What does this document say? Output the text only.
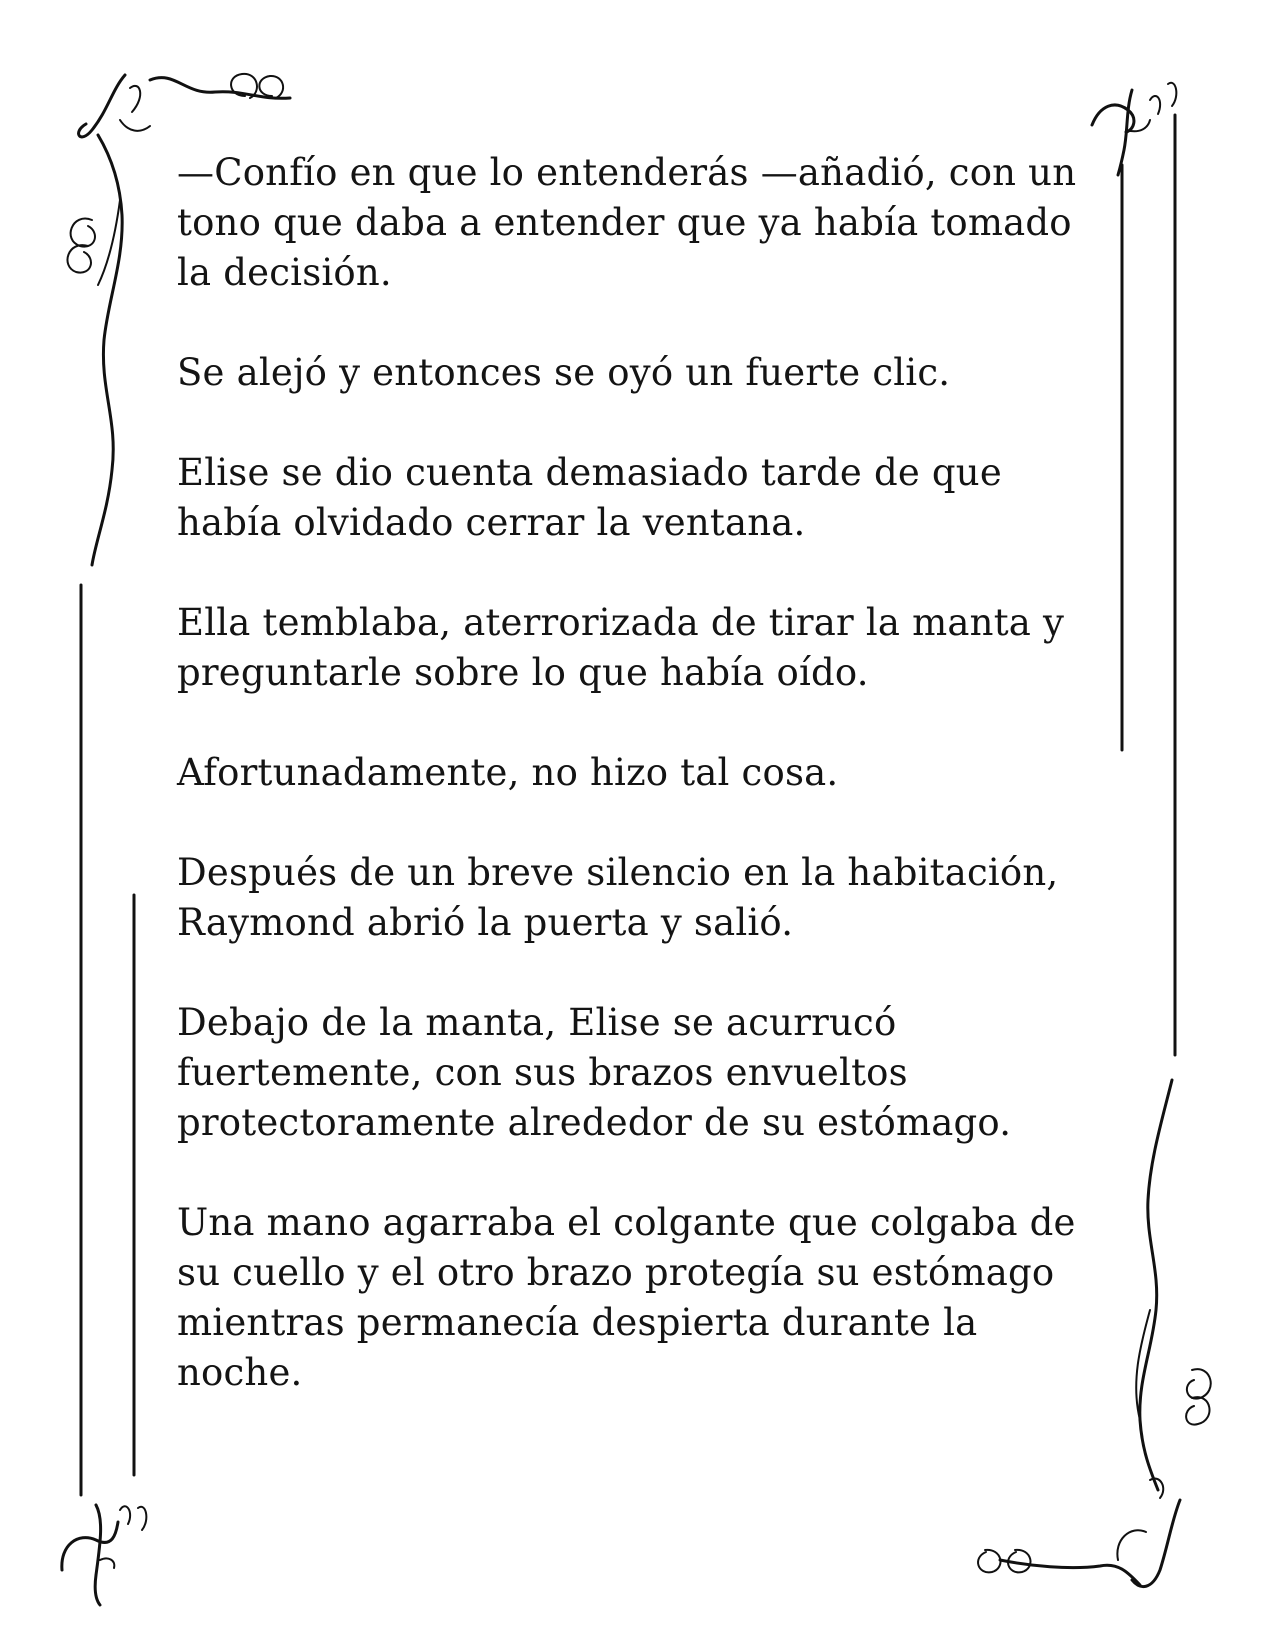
—Confío en que lo entenderás —añadió, con un
tono que daba a entender que ya había tomado
la decisión.

Se alejó y entonces se oyó un fuerte clic.

Elise se dio cuenta demasiado tarde de que
había olvidado cerrar la ventana.

Ella temblaba, aterrorizada de tirar la manta y
preguntarle sobre lo que había oído.

Afortunadamente, no hizo tal cosa.

Después de un breve silencio en la habitación,
Raymond abrió la puerta y salió.

Debajo de la manta, Elise se acurrucó
fuertemente, con sus brazos envueltos
protectoramente alrededor de su estómago.

Una mano agarraba el colgante que colgaba de
su cuello y el otro brazo protegía su estómago
mientras permanecía despierta durante la
noche.
